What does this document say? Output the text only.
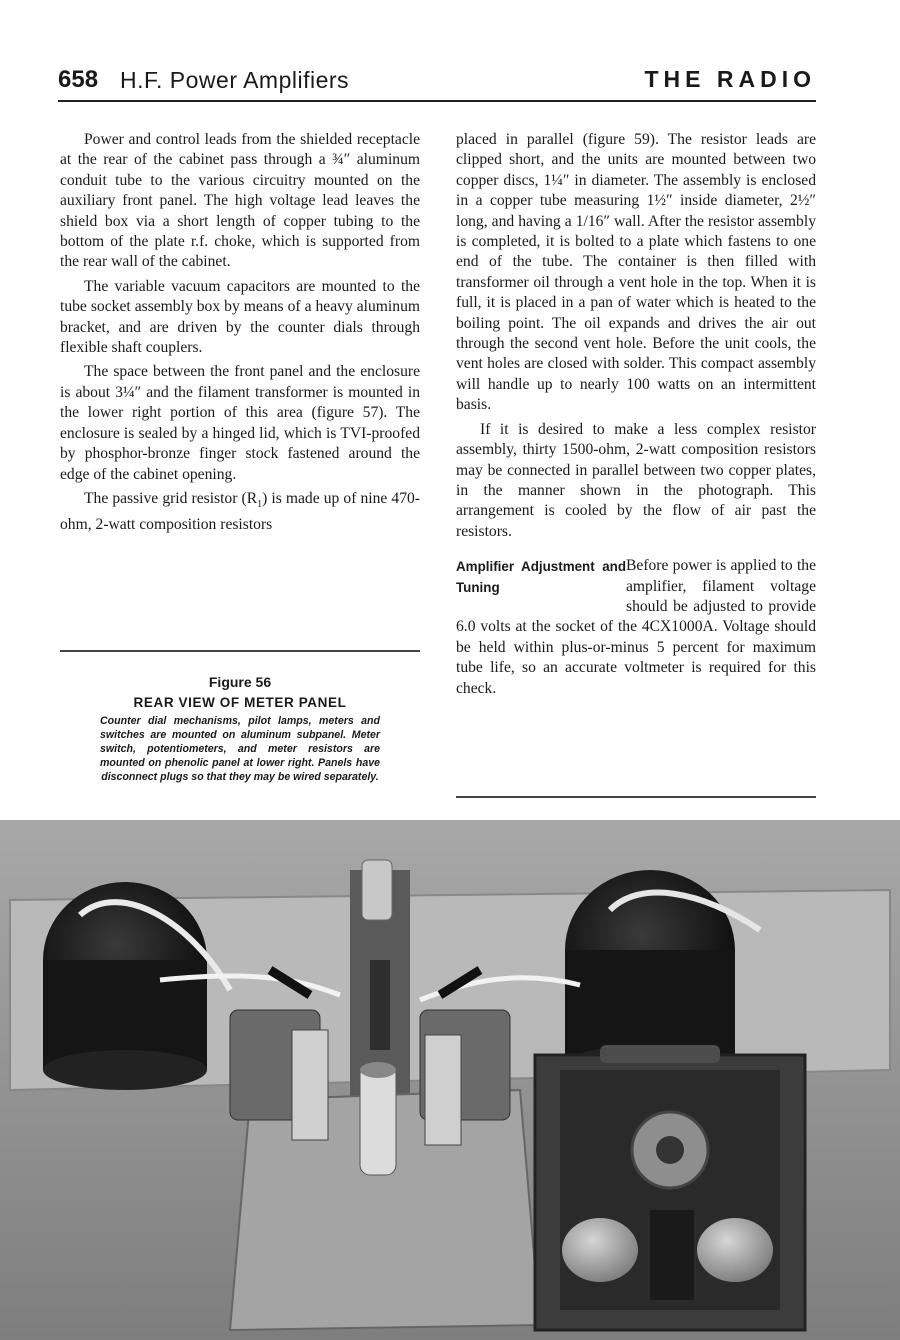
658 H.F. Power Amplifiers	THE RADIO

Power and control leads from the shielded receptacle at the rear of the cabinet pass through a ¾″ aluminum conduit tube to the various circuitry mounted on the auxiliary front panel. The high voltage lead leaves the shield box via a short length of copper tubing to the bottom of the plate r.f. choke, which is supported from the rear wall of the cabinet.

The variable vacuum capacitors are mounted to the tube socket assembly box by means of a heavy aluminum bracket, and are driven by the counter dials through flexible shaft couplers.

The space between the front panel and the enclosure is about 3¼″ and the filament transformer is mounted in the lower right portion of this area (figure 57). The enclosure is sealed by a hinged lid, which is TVI-proofed by phosphor-bronze finger stock fastened around the edge of the cabinet opening.

The passive grid resistor $(R_1)$ is made up of nine 470-ohm, 2-watt composition resistors

Figure 56
REAR VIEW OF METER PANEL
Counter dial mechanisms, pilot lamps, meters and switches are mounted on aluminum subpanel. Meter switch, potentiometers, and meter resistors are mounted on phenolic panel at lower right. Panels have disconnect plugs so that they may be wired separately.

placed in parallel (figure 59). The resistor leads are clipped short, and the units are mounted between two copper discs, 1¼″ in diameter. The assembly is enclosed in a copper tube measuring 1½″ inside diameter, 2½″ long, and having a 1/16″ wall. After the resistor assembly is completed, it is bolted to a plate which fastens to one end of the tube. The container is then filled with transformer oil through a vent hole in the top. When it is full, it is placed in a pan of water which is heated to the boiling point. The oil expands and drives the air out through the second vent hole. Before the unit cools, the vent holes are closed with solder. This compact assembly will handle up to nearly 100 watts on an intermittent basis.

If it is desired to make a less complex resistor assembly, thirty 1500-ohm, 2-watt composition resistors may be connected in parallel between two copper plates, in the manner shown in the photograph. This arrangement is cooled by the flow of air past the resistors.

Amplifier Adjustment and Tuning

Before power is applied to the amplifier, filament voltage should be adjusted to provide 6.0 volts at the socket of the 4CX1000A. Voltage should be held within plus-or-minus 5 percent for maximum tube life, so an accurate voltmeter is required for this check.
